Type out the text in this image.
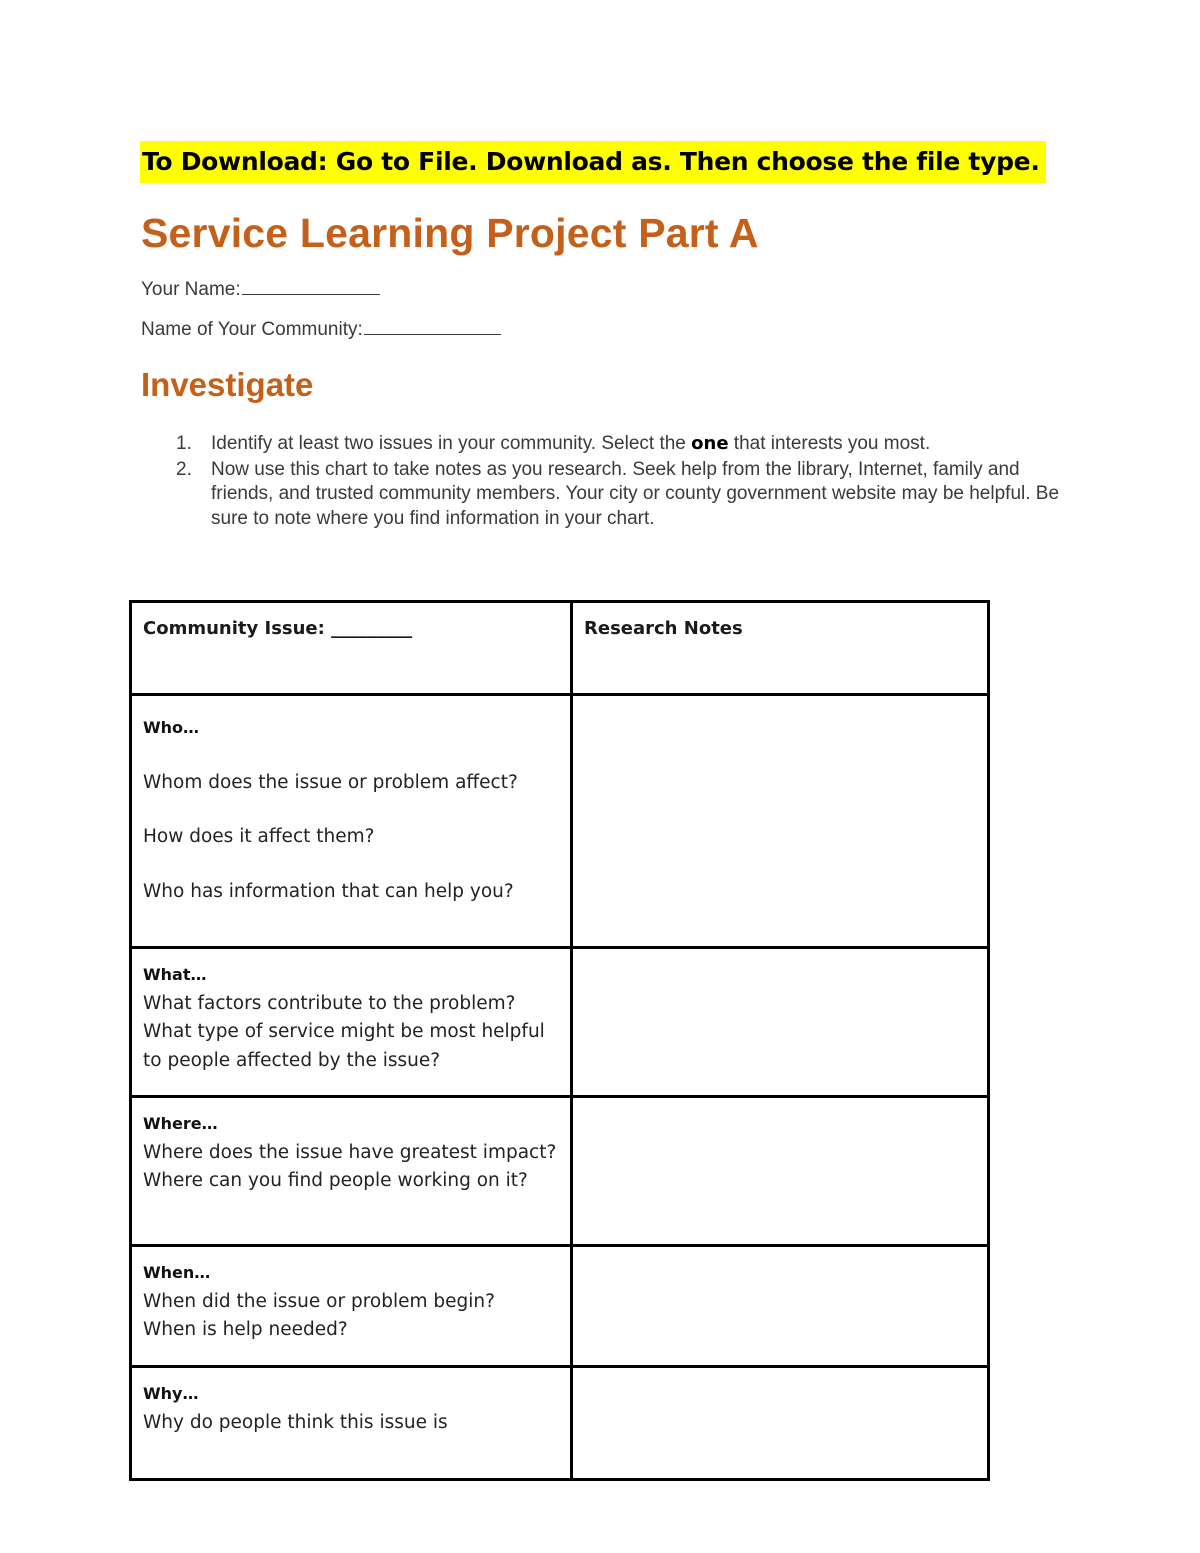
To Download: Go to File. Download as. Then choose the file type.
Service Learning Project Part A
Your Name:
Name of Your Community:
Investigate
1. Identify at least two issues in your community. Select the one that interests you most.
2. Now use this chart to take notes as you research. Seek help from the library, Internet, family and friends, and trusted community members. Your city or county government website may be helpful. Be sure to note where you find information in your chart.
Community Issue: _________	Research Notes

Who…
Whom does the issue or problem affect?
How does it affect them?
Who has information that can help you?	

What…
What factors contribute to the problem?
What type of service might be most helpful to people affected by the issue?	

Where…
Where does the issue have greatest impact?
Where can you find people working on it?	

When…
When did the issue or problem begin?
When is help needed?	

Why…
Why do people think this issue is	
